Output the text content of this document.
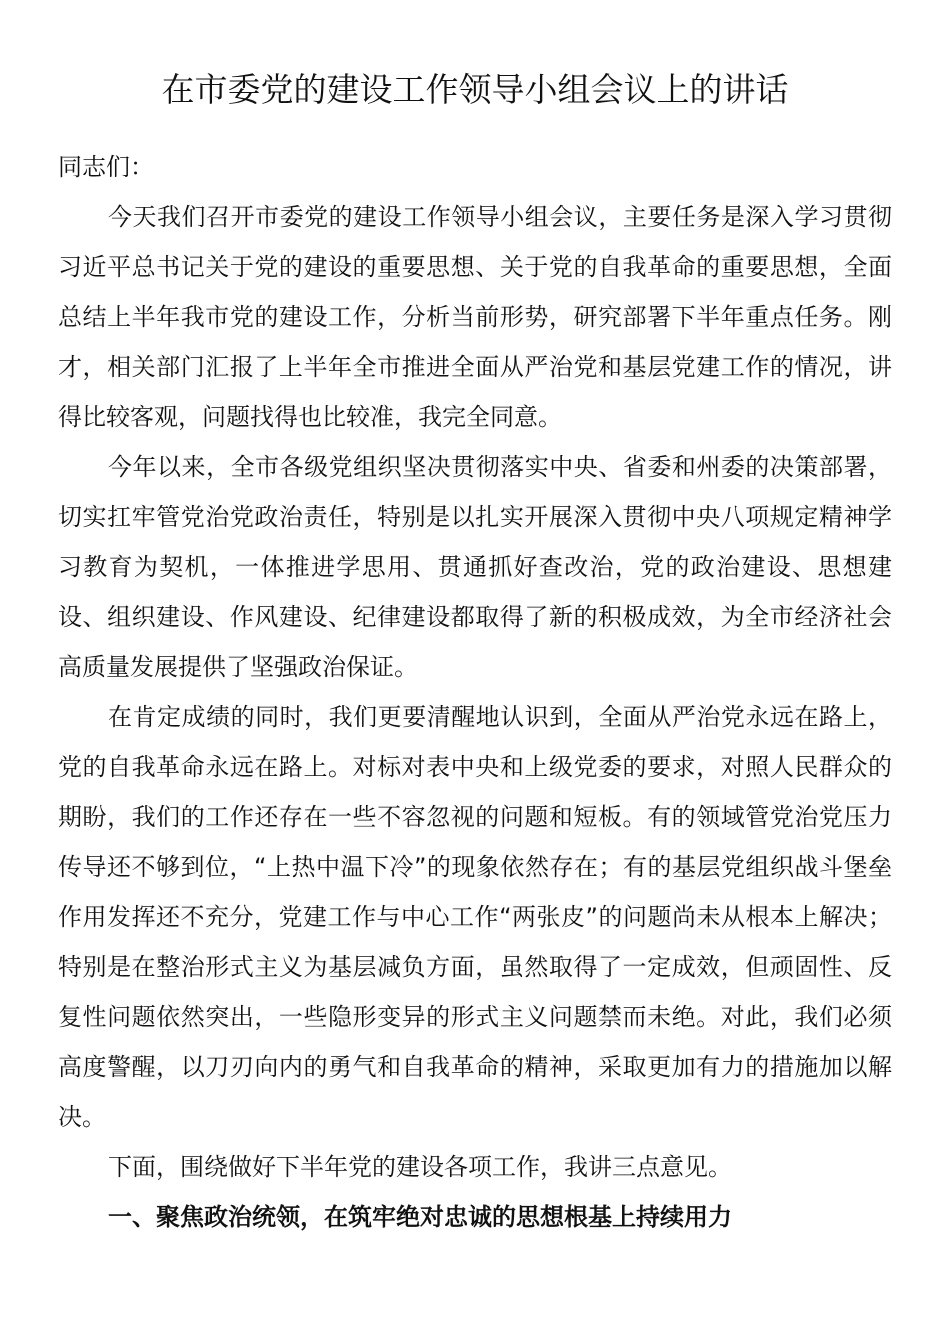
在市委党的建设工作领导小组会议上的讲话

同志们：

今天我们召开市委党的建设工作领导小组会议，主要任务是深入学习贯彻习近平总书记关于党的建设的重要思想、关于党的自我革命的重要思想，全面总结上半年我市党的建设工作，分析当前形势，研究部署下半年重点任务。刚才，相关部门汇报了上半年全市推进全面从严治党和基层党建工作的情况，讲得比较客观，问题找得也比较准，我完全同意。

今年以来，全市各级党组织坚决贯彻落实中央、省委和州委的决策部署，切实扛牢管党治党政治责任，特别是以扎实开展深入贯彻中央八项规定精神学习教育为契机，一体推进学思用、贯通抓好查改治，党的政治建设、思想建设、组织建设、作风建设、纪律建设都取得了新的积极成效，为全市经济社会高质量发展提供了坚强政治保证。

在肯定成绩的同时，我们更要清醒地认识到，全面从严治党永远在路上，党的自我革命永远在路上。对标对表中央和上级党委的要求，对照人民群众的期盼，我们的工作还存在一些不容忽视的问题和短板。有的领域管党治党压力传导还不够到位，“上热中温下冷”的现象依然存在；有的基层党组织战斗堡垒作用发挥还不充分，党建工作与中心工作“两张皮”的问题尚未从根本上解决；特别是在整治形式主义为基层减负方面，虽然取得了一定成效，但顽固性、反复性问题依然突出，一些隐形变异的形式主义问题禁而未绝。对此，我们必须高度警醒，以刀刃向内的勇气和自我革命的精神，采取更加有力的措施加以解决。

下面，围绕做好下半年党的建设各项工作，我讲三点意见。

一、聚焦政治统领，在筑牢绝对忠诚的思想根基上持续用力
